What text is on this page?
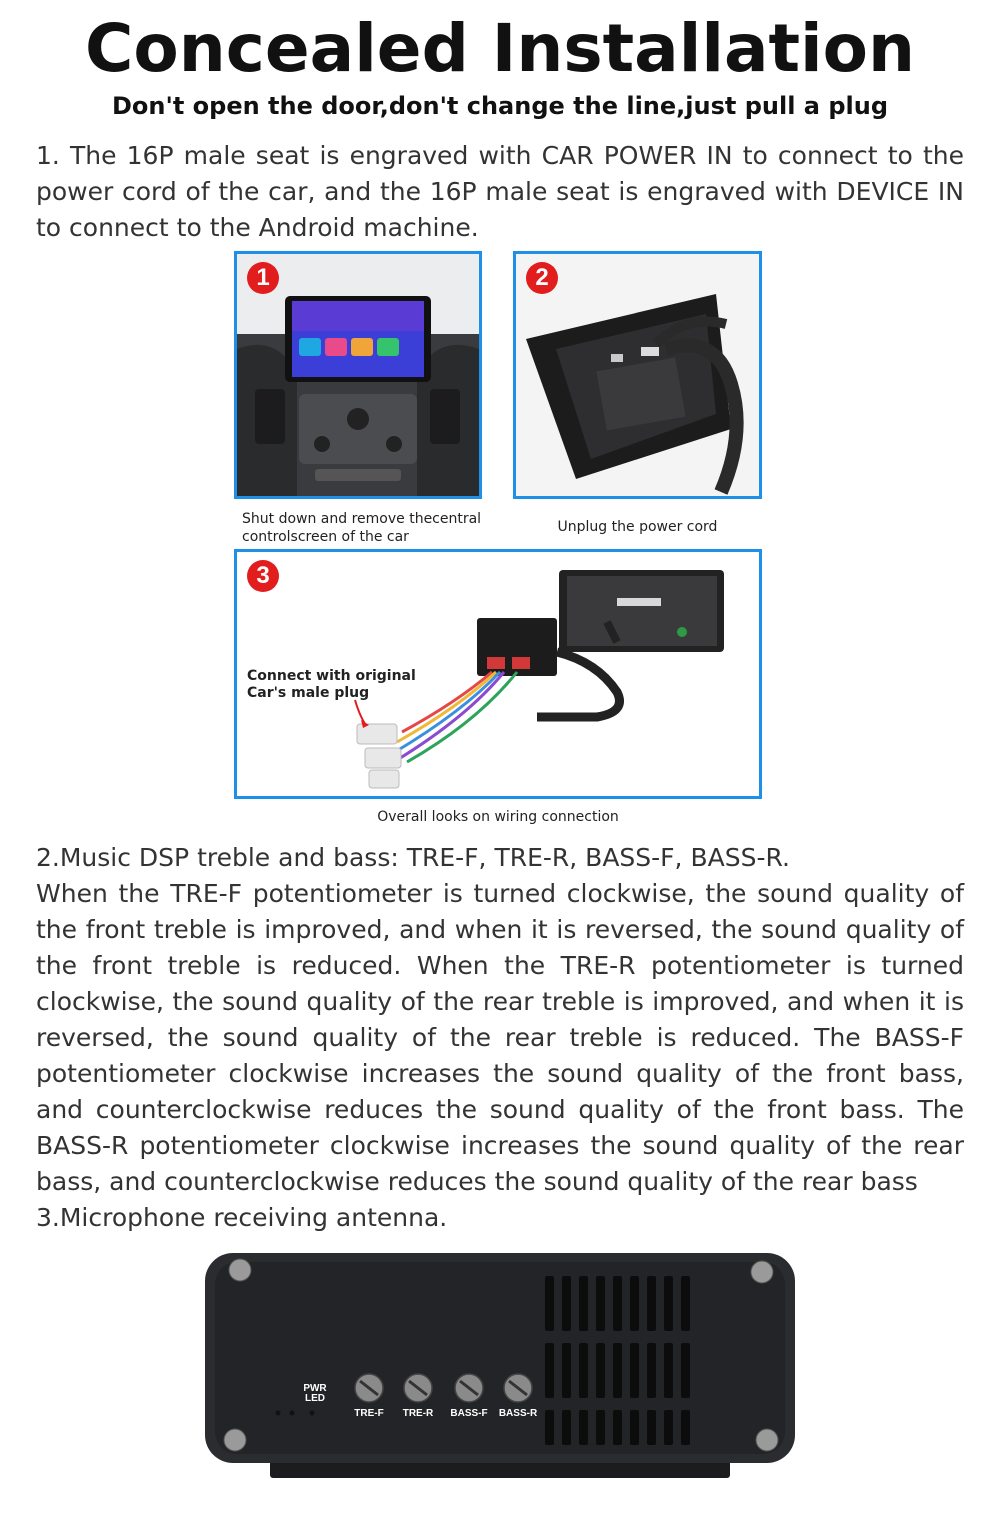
Concealed Installation
Don't open the door,don't change the line,just pull a plug
1. The 16P male seat is engraved with CAR POWER IN to connect to the power cord of the car, and the 16P male seat is engraved with DEVICE IN to connect to the Android machine.
1	2
Shut down and remove thecentral controlscreen of the car
Unplug the power cord
3
Connect with original
Car's male plug
Overall looks on wiring connection
2.Music DSP treble and bass: TRE-F, TRE-R, BASS-F, BASS-R.
When the TRE-F potentiometer is turned clockwise, the sound quality of the front treble is improved, and when it is reversed, the sound quality of the front treble is reduced. When the TRE-R potentiometer is turned clockwise, the sound quality of the rear treble is improved, and when it is reversed, the sound quality of the rear treble is reduced. The BASS-F potentiometer clockwise increases the sound quality of the front bass, and counterclockwise reduces the sound quality of the front bass. The BASS-R potentiometer clockwise increases the sound quality of the rear bass, and counterclockwise reduces the sound quality of the rear bass
3.Microphone receiving antenna.
PWR
LED
TRE-F TRE-R BASS-F BASS-R
